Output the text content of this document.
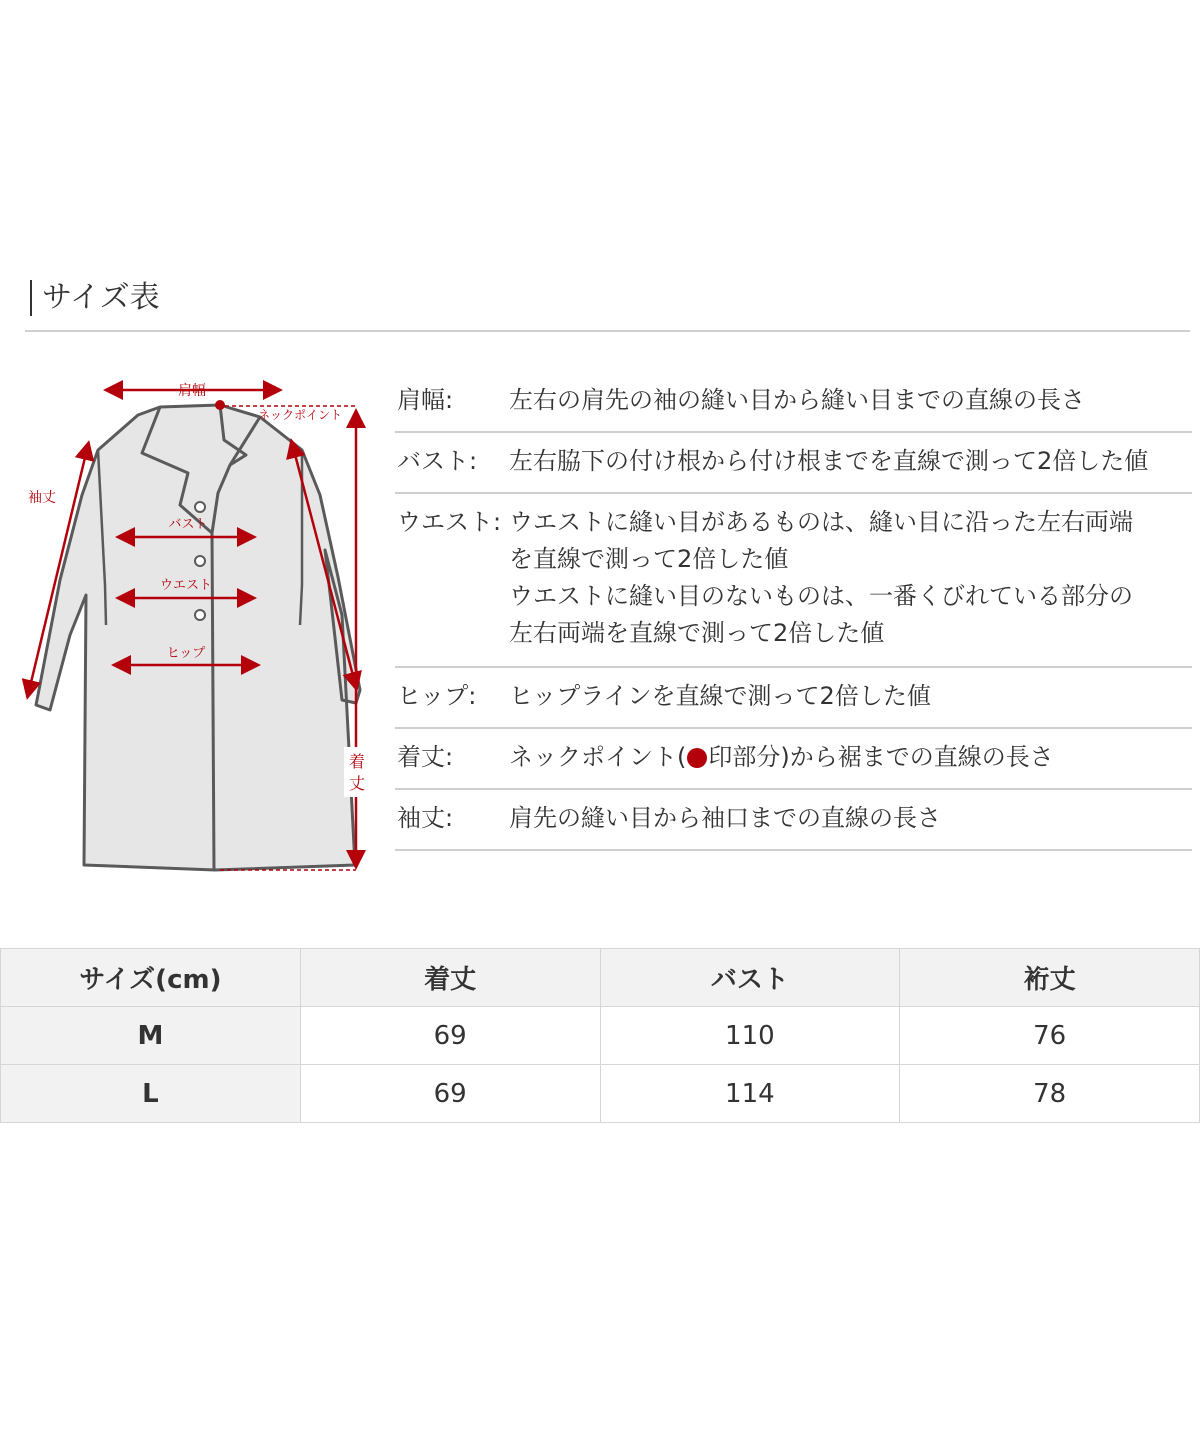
サイズ表
肩幅
ネックポイント
袖丈
バスト
ウエスト
ヒップ
着
丈
肩幅:	左右の肩先の袖の縫い目から縫い目までの直線の長さ
バスト:	左右脇下の付け根から付け根までを直線で測って2倍した値
ウエスト: ウエストに縫い目があるものは、縫い目に沿った左右両端
を直線で測って2倍した値
ウエストに縫い目のないものは、一番くびれている部分の
左右両端を直線で測って2倍した値
ヒップ:	ヒップラインを直線で測って2倍した値
着丈:	ネックポイント( 印部分)から裾までの直線の長さ
袖丈:	肩先の縫い目から袖口までの直線の長さ
サイズ(cm)	着丈	バスト	裄丈
M	69	110	76
L	69	114	78
